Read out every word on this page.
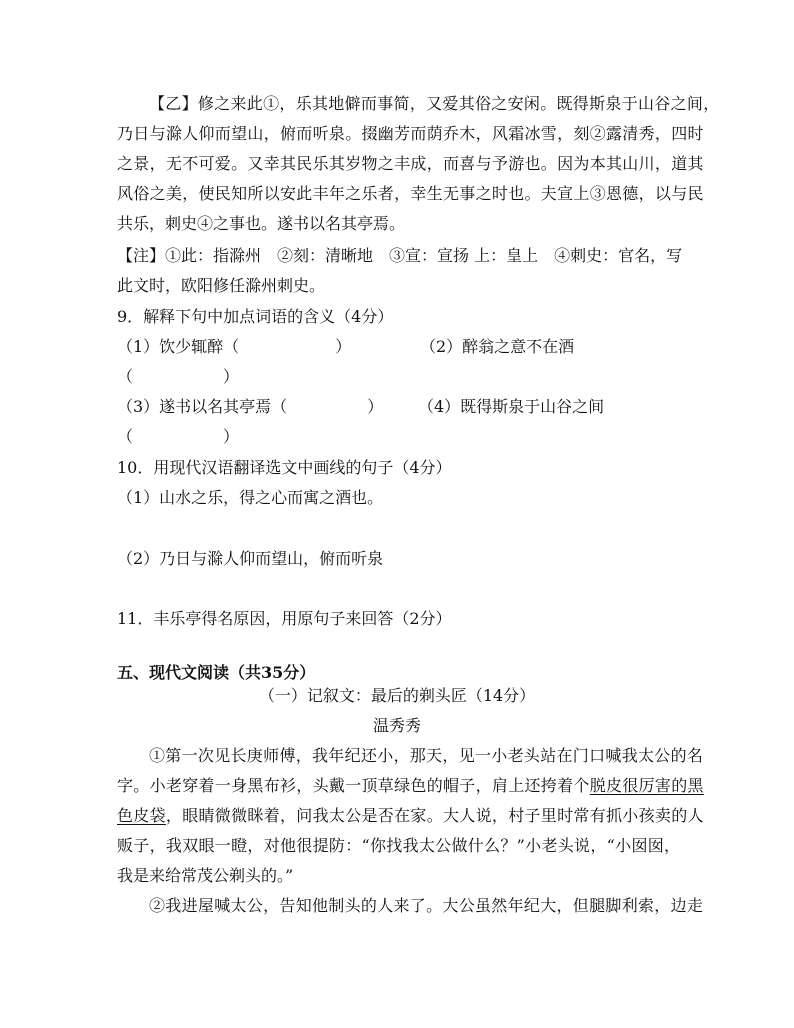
【乙】修之来此①，乐其地僻而事简，又爱其俗之安闲。既得斯泉于山谷之间，

乃日与滁人仰而望山，俯而听泉。掇幽芳而荫乔木，风霜冰雪，刻②露清秀，四时

之景，无不可爱。又幸其民乐其岁物之丰成，而喜与予游也。因为本其山川，道其

风俗之美，使民知所以安此丰年之乐者，幸生无事之时也。夫宣上③恩德，以与民

共乐，刺史④之事也。遂书以名其亭焉。

【注】①此：指滁州　②刻：清晰地　③宣：宣扬 上：皇上　④刺史：官名，写

此文时，欧阳修任滁州刺史。

9．解释下句中加点词语的含义（4分）

（1）饮少辄醉（	）	（2）醉翁之意不在酒

（	）

（3）遂书以名其亭焉（	） （4）既得斯泉于山谷之间

（	）

10．用现代汉语翻译选文中画线的句子（4分）

（1）山水之乐，得之心而寓之酒也。

（2）乃日与滁人仰而望山，俯而听泉

11．丰乐亭得名原因，用原句子来回答（2分）

五、现代文阅读（共35分）

（一）记叙文：最后的剃头匠（14分）

温秀秀

①第一次见长庚师傅，我年纪还小，那天，见一小老头站在门口喊我太公的名

字。小老穿着一身黑布衫，头戴一顶草绿色的帽子，肩上还挎着个脱皮很厉害的黑

色皮袋，眼睛微微眯着，问我太公是否在家。大人说，村子里时常有抓小孩卖的人

贩子，我双眼一瞪，对他很提防：“你找我太公做什么？”小老头说，“小囡囡，

我是来给常茂公剃头的。”

②我进屋喊太公，告知他制头的人来了。大公虽然年纪大，但腿脚利索，边走
